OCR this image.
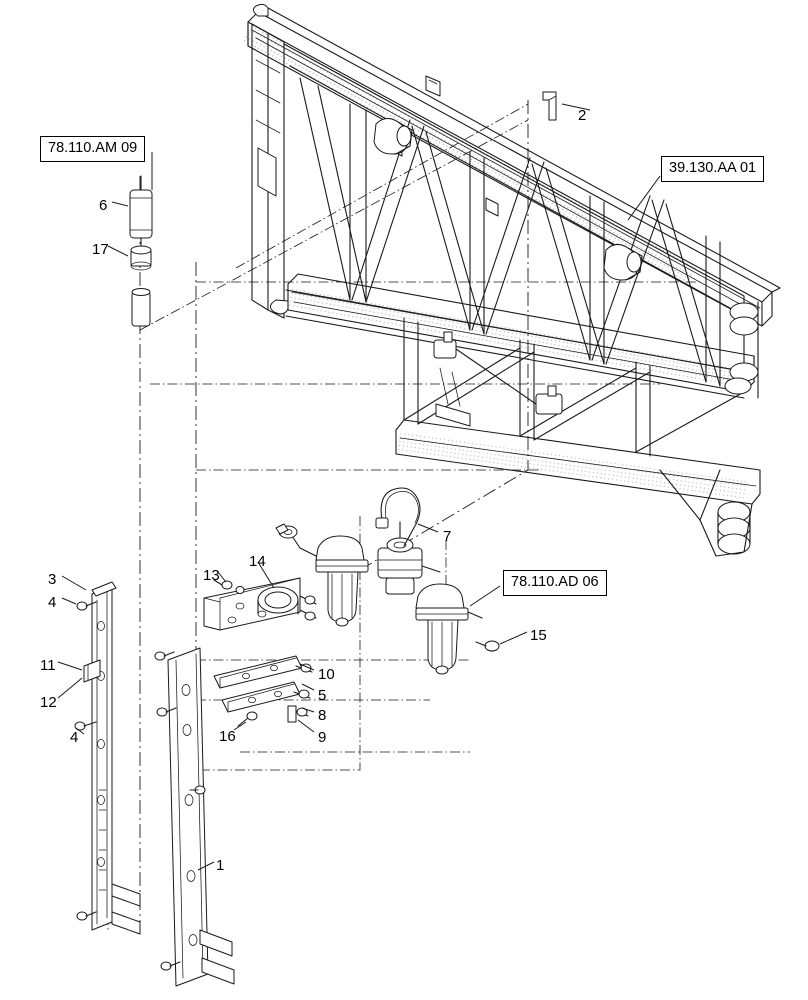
78.110.AM 09
39.130.AA 01
78.110.AD 06
2
6
17
7
3
4
13
14
15
11
12
10
5
8
9
16
4
1
